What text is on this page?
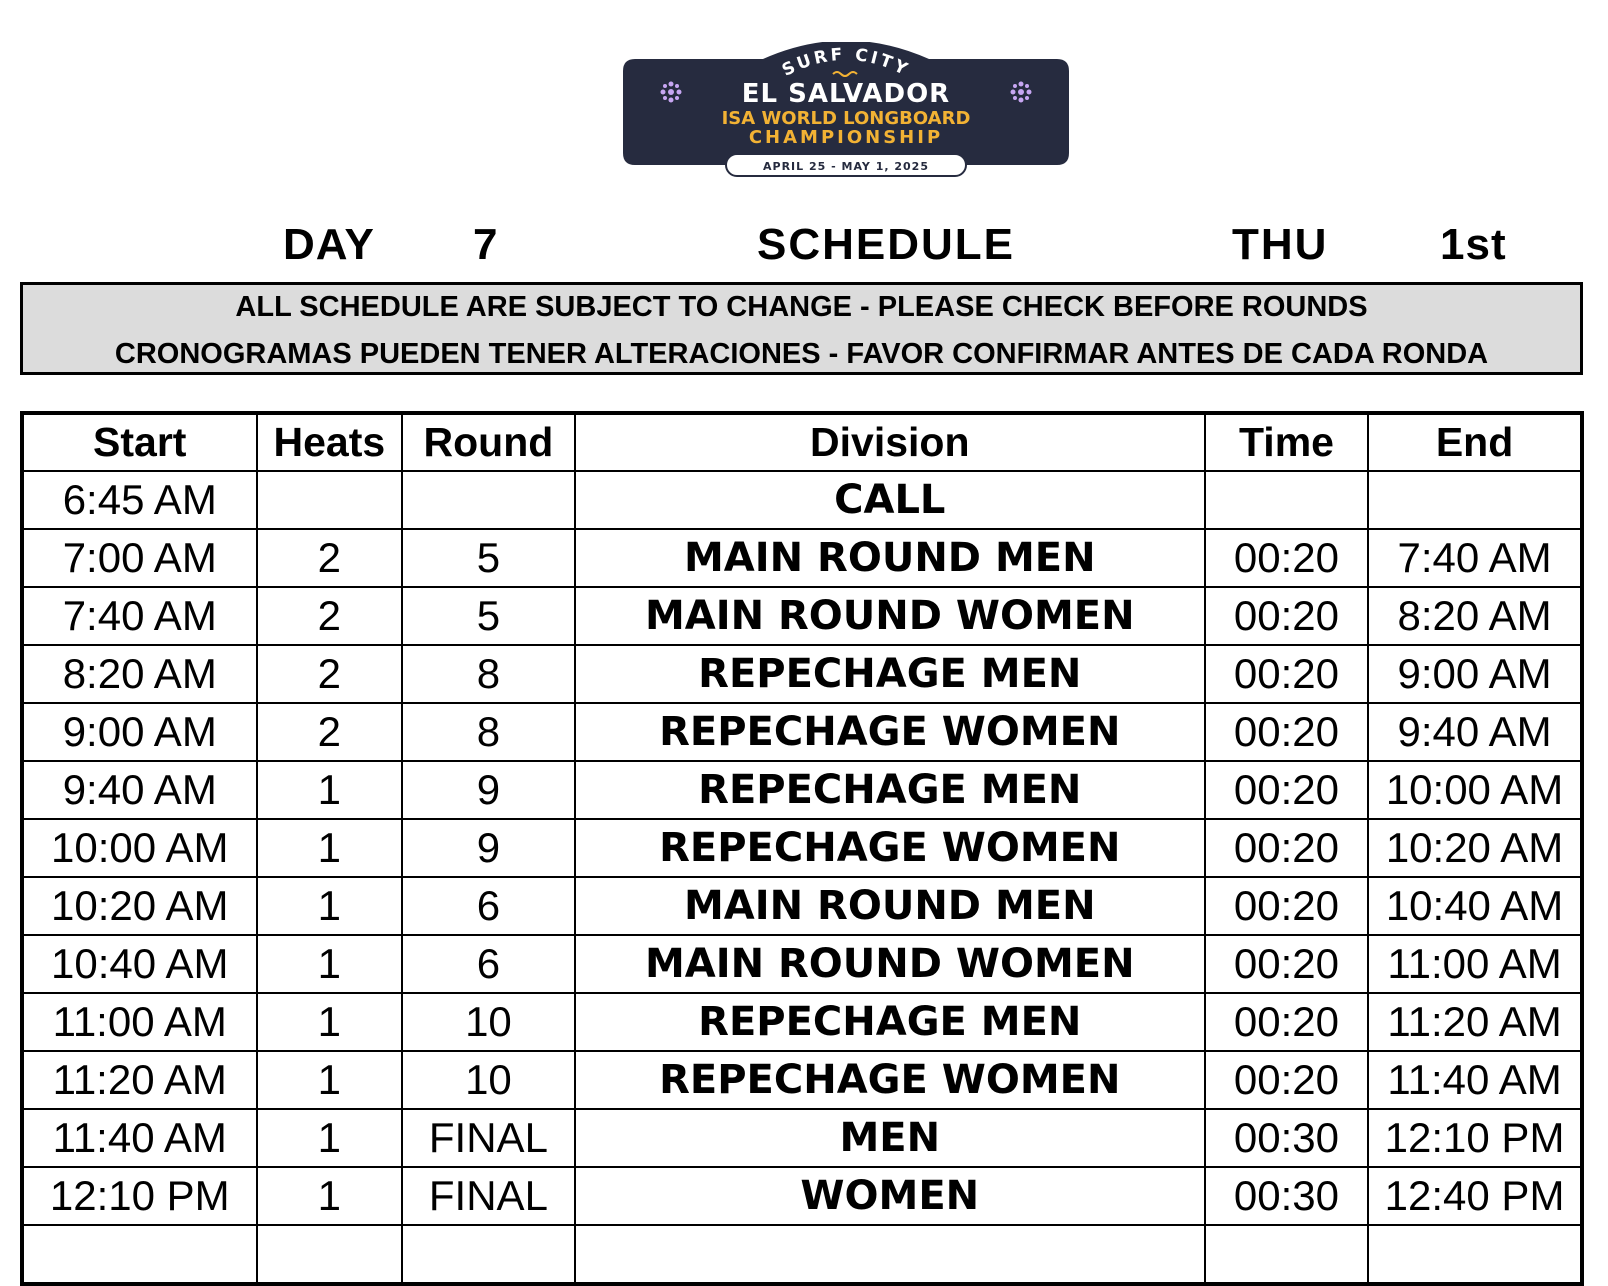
SURF CITY
EL SALVADOR
ISA WORLD LONGBOARD
CHAMPIONSHIP
APRIL 25 - MAY 1, 2025
DAY 7	SCHEDULE	THU	1st
ALL SCHEDULE ARE SUBJECT TO CHANGE - PLEASE CHECK BEFORE ROUNDS
CRONOGRAMAS PUEDEN TENER ALTERACIONES - FAVOR CONFIRMAR ANTES DE CADA RONDA
Start	Heats	Round	Division	Time	End
6:45 AM			CALL		
7:00 AM	2	5	MAIN ROUND MEN	00:20	7:40 AM
7:40 AM	2	5	MAIN ROUND WOMEN	00:20	8:20 AM
8:20 AM	2	8	REPECHAGE MEN	00:20	9:00 AM
9:00 AM	2	8	REPECHAGE WOMEN	00:20	9:40 AM
9:40 AM	1	9	REPECHAGE MEN	00:20	10:00 AM
10:00 AM	1	9	REPECHAGE WOMEN	00:20	10:20 AM
10:20 AM	1	6	MAIN ROUND MEN	00:20	10:40 AM
10:40 AM	1	6	MAIN ROUND WOMEN	00:20	11:00 AM
11:00 AM	1	10	REPECHAGE MEN	00:20	11:20 AM
11:20 AM	1	10	REPECHAGE WOMEN	00:20	11:40 AM
11:40 AM	1	FINAL	MEN	00:30	12:10 PM
12:10 PM	1	FINAL	WOMEN	00:30	12:40 PM
